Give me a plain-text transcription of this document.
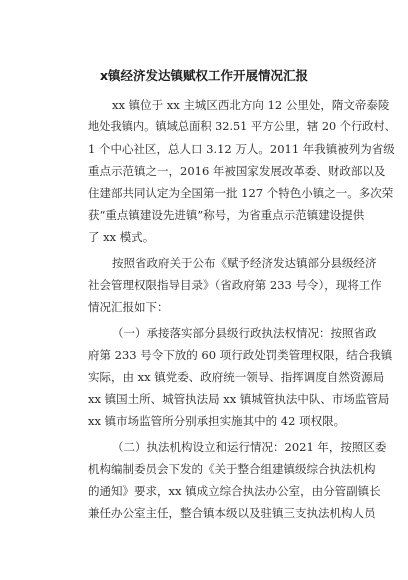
x镇经济发达镇赋权工作开展情况汇报
xx 镇位于 xx 主城区西北方向 12 公里处，隋文帝泰陵
地处我镇内。镇域总面积 32.51 平方公里，辖 20 个行政村、
1 个中心社区，总人口 3.12 万人。2011 年我镇被列为省级
重点示范镇之一，2016 年被国家发展改革委、财政部以及
住建部共同认定为全国第一批 127 个特色小镇之一。多次荣
获“重点镇建设先进镇”称号，为省重点示范镇建设提供
了 xx 模式。
按照省政府关于公布《赋予经济发达镇部分县级经济
社会管理权限指导目录》（省政府第 233 号令），现将工作
情况汇报如下：
（一）承接落实部分县级行政执法权情况：按照省政
府第 233 号令下放的 60 项行政处罚类管理权限，结合我镇
实际，由 xx 镇党委、政府统一领导、指挥调度自然资源局
xx 镇国土所、城管执法局 xx 镇城管执法中队、市场监管局
xx 镇市场监管所分别承担实施其中的 42 项权限。
（二）执法机构设立和运行情况：2021 年，按照区委
机构编制委员会下发的《关于整合组建镇级综合执法机构
的通知》要求，xx 镇成立综合执法办公室，由分管副镇长
兼任办公室主任，整合镇本级以及驻镇三支执法机构人员
